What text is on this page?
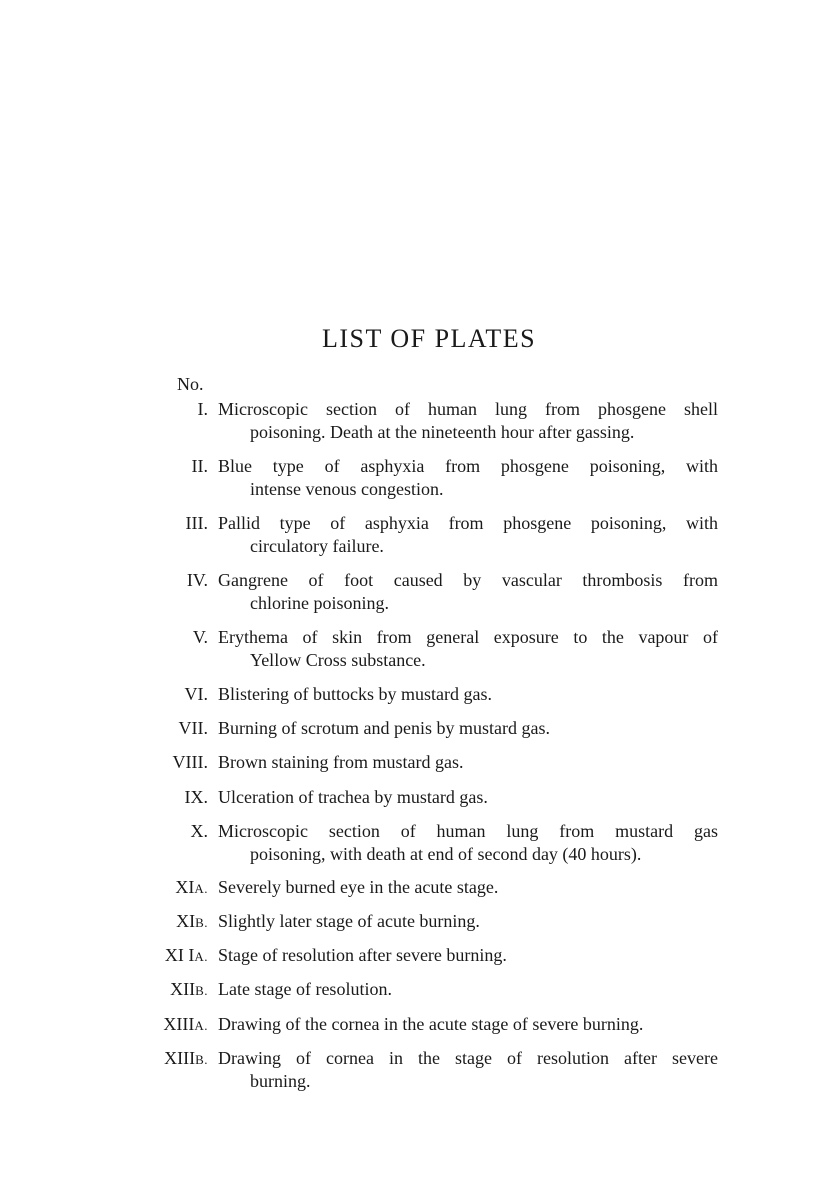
LIST OF PLATES
No.
I. Microscopic section of human lung from phosgene shell
poisoning. Death at the nineteenth hour after gassing.
II. Blue type of asphyxia from phosgene poisoning, with
intense venous congestion.
III. Pallid type of asphyxia from phosgene poisoning, with
circulatory failure.
IV. Gangrene of foot caused by vascular thrombosis from
chlorine poisoning.
V. Erythema of skin from general exposure to the vapour of
Yellow Cross substance.
VI. Blistering of buttocks by mustard gas.
VII. Burning of scrotum and penis by mustard gas.
VIII. Brown staining from mustard gas.
IX. Ulceration of trachea by mustard gas.
X. Microscopic section of human lung from mustard gas
poisoning, with death at end of second day (40 hours).
XIA. Severely burned eye in the acute stage.
XIB. Slightly later stage of acute burning.
XI IA. Stage of resolution after severe burning.
XIIB. Late stage of resolution.
XIIIA. Drawing of the cornea in the acute stage of severe burning.
XIIIB. Drawing of cornea in the stage of resolution after severe
burning.
